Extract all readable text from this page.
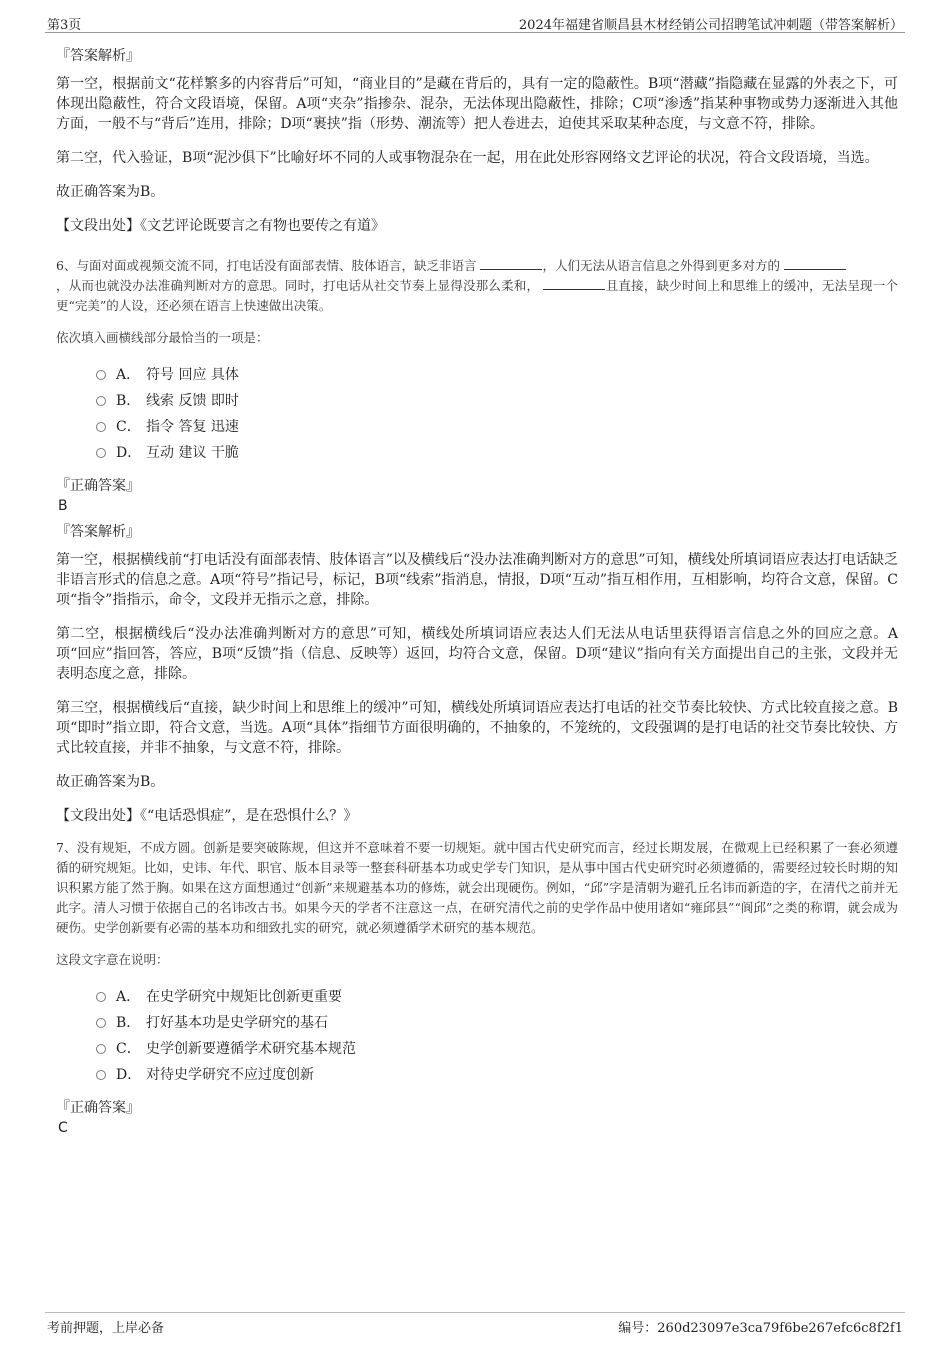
第3页	2024年福建省顺昌县木材经销公司招聘笔试冲刺题（带答案解析）
『答案解析』
第一空，根据前文“花样繁多的内容背后”可知，“商业目的”是藏在背后的，具有一定的隐蔽性。B项“潜藏”指隐藏在显露的外表之下，可体现出隐蔽性，符合文段语境，保留。A项“夹杂”指掺杂、混杂，无法体现出隐蔽性，排除；C项“渗透”指某种事物或势力逐渐进入其他方面，一般不与“背后”连用，排除；D项“裹挟”指（形势、潮流等）把人卷进去，迫使其采取某种态度，与文意不符，排除。
第二空，代入验证，B项“泥沙俱下”比喻好坏不同的人或事物混杂在一起，用在此处形容网络文艺评论的状况，符合文段语境，当选。
故正确答案为B。
【文段出处】《文艺评论既要言之有物也要传之有道》
6、与面对面或视频交流不同，打电话没有面部表情、肢体语言，缺乏非语言	，人们无法从语言信息之外得到更多对方的
，从而也就没办法准确判断对方的意思。同时，打电话从社交节奏上显得没那么柔和，	且直接，缺少时间上和思维上的缓冲，无法呈现一个更“完美”的人设，还必须在语言上快速做出决策。
依次填入画横线部分最恰当的一项是：
A． 符号 回应 具体
B． 线索 反馈 即时
C． 指令 答复 迅速
D． 互动 建议 干脆
『正确答案』
B
『答案解析』
第一空，根据横线前“打电话没有面部表情、肢体语言”以及横线后“没办法准确判断对方的意思”可知，横线处所填词语应表达打电话缺乏非语言形式的信息之意。A项“符号”指记号，标记，B项“线索”指消息，情报，D项“互动”指互相作用，互相影响，均符合文意，保留。C项“指令”指指示，命令，文段并无指示之意，排除。
第二空，根据横线后“没办法准确判断对方的意思”可知，横线处所填词语应表达人们无法从电话里获得语言信息之外的回应之意。A项“回应”指回答，答应，B项“反馈”指（信息、反映等）返回，均符合文意，保留。D项“建议”指向有关方面提出自己的主张，文段并无表明态度之意，排除。
第三空，根据横线后“直接，缺少时间上和思维上的缓冲”可知，横线处所填词语应表达打电话的社交节奏比较快、方式比较直接之意。B项“即时”指立即，符合文意，当选。A项“具体”指细节方面很明确的，不抽象的，不笼统的，文段强调的是打电话的社交节奏比较快、方式比较直接，并非不抽象，与文意不符，排除。
故正确答案为B。
【文段出处】《“电话恐惧症”，是在恐惧什么？》
7、没有规矩，不成方圆。创新是要突破陈规，但这并不意味着不要一切规矩。就中国古代史研究而言，经过长期发展，在微观上已经积累了一套必须遵循的研究规矩。比如，史讳、年代、职官、版本目录等一整套科研基本功或史学专门知识，是从事中国古代史研究时必须遵循的，需要经过较长时期的知识积累方能了然于胸。如果在这方面想通过“创新”来规避基本功的修炼，就会出现硬伤。例如，“邱”字是清朝为避孔丘名讳而新造的字，在清代之前并无此字。清人习惯于依据自己的名讳改古书。如果今天的学者不注意这一点，在研究清代之前的史学作品中使用诸如“雍邱县”“阆邱”之类的称谓，就会成为硬伤。史学创新要有必需的基本功和细致扎实的研究，就必须遵循学术研究的基本规范。
这段文字意在说明：
A． 在史学研究中规矩比创新更重要
B． 打好基本功是史学研究的基石
C． 史学创新要遵循学术研究基本规范
D． 对待史学研究不应过度创新
『正确答案』
C
考前押题，上岸必备	编号：260d23097e3ca79f6be267efc6c8f2f1
